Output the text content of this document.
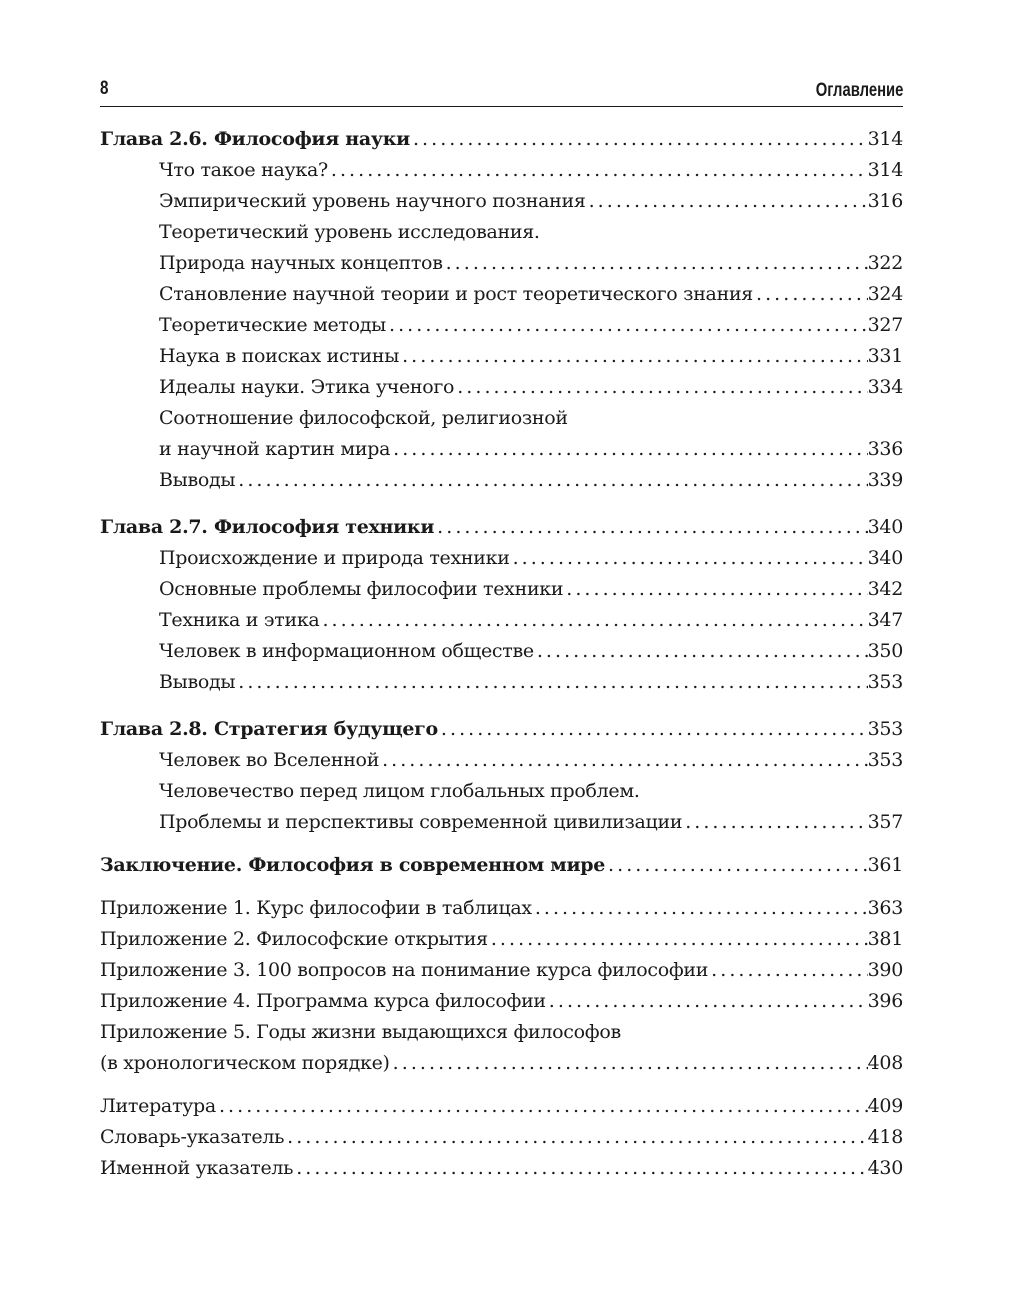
8	Оглавление
Глава 2.6. Философия науки . . .	314
Что такое наука? . . .	314
Эмпирический уровень научного познания . . .	316
Теоретический уровень исследования.
Природа научных концептов . . .	322
Становление научной теории и рост теоретического знания . . .	324
Теоретические методы . . .	327
Наука в поисках истины . . .	331
Идеалы науки. Этика ученого . . .	334
Соотношение философской, религиозной
и научной картин мира . . .	336
Выводы . . .	339
Глава 2.7. Философия техники . . .	340
Происхождение и природа техники . . .	340
Основные проблемы философии техники . . .	342
Техника и этика . . .	347
Человек в информационном обществе . . .	350
Выводы . . .	353
Глава 2.8. Стратегия будущего . . .	353
Человек во Вселенной . . .	353
Человечество перед лицом глобальных проблем.
Проблемы и перспективы современной цивилизации . . .	357
Заключение. Философия в современном мире . . .	361
Приложение 1. Курс философии в таблицах . . .	363
Приложение 2. Философские открытия . . .	381
Приложение 3. 100 вопросов на понимание курса философии . . .	390
Приложение 4. Программа курса философии . . .	396
Приложение 5. Годы жизни выдающихся философов
(в хронологическом порядке) . . .	408
Литература . . .	409
Словарь-указатель . . .	418
Именной указатель . . .	430
